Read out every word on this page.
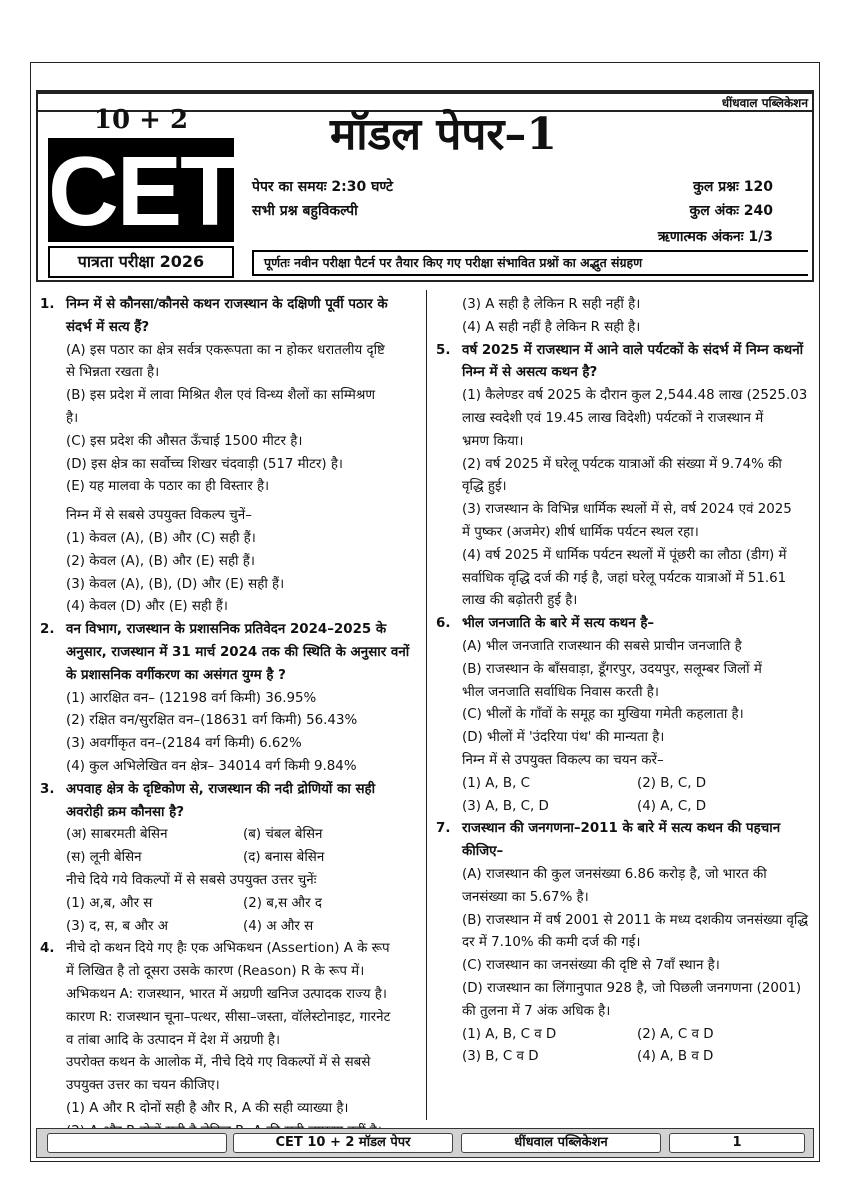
धींधवाल पब्लिकेशन
10 + 2
CET
पात्रता परीक्षा 2026
मॉडल पेपर–1
पेपर का समयः 2:30 घण्टे
सभी प्रश्न बहुविकल्पी
कुल प्रश्नः 120
कुल अंकः 240
ऋणात्मक अंकनः 1/3
पूर्णतः नवीन परीक्षा पैटर्न पर तैयार किए गए परीक्षा संभावित प्रश्नों का अद्भुत संग्रहण
1. निम्न में से कौनसा/कौनसे कथन राजस्थान के दक्षिणी पूर्वी पठार के
संदर्भ में सत्य हैं?
(A) इस पठार का क्षेत्र सर्वत्र एकरूपता का न होकर धरातलीय दृष्टि
से भिन्नता रखता है।
(B) इस प्रदेश में लावा मिश्रित शैल एवं विन्ध्य शैलों का सम्मिश्रण
है।
(C) इस प्रदेश की औसत ऊँचाई 1500 मीटर है।
(D) इस क्षेत्र का सर्वोच्च शिखर चंदवाड़ी (517 मीटर) है।
(E) यह मालवा के पठार का ही विस्तार है।
निम्न में से सबसे उपयुक्त विकल्प चुनें–
(1) केवल (A), (B) और (C) सही हैं।
(2) केवल (A), (B) और (E) सही हैं।
(3) केवल (A), (B), (D) और (E) सही हैं।
(4) केवल (D) और (E) सही हैं।
2. वन विभाग, राजस्थान के प्रशासनिक प्रतिवेदन 2024–2025 के
अनुसार, राजस्थान में 31 मार्च 2024 तक की स्थिति के अनुसार वनों
के प्रशासनिक वर्गीकरण का असंगत युग्म है ?
(1) आरक्षित वन– (12198 वर्ग किमी) 36.95%
(2) रक्षित वन/सुरक्षित वन–(18631 वर्ग किमी) 56.43%
(3) अवर्गीकृत वन–(2184 वर्ग किमी) 6.62%
(4) कुल अभिलेखित वन क्षेत्र– 34014 वर्ग किमी 9.84%
3. अपवाह क्षेत्र के दृष्टिकोण से, राजस्थान की नदी द्रोणियों का सही
अवरोही क्रम कौनसा है?
(अ) साबरमती बेसिन	(ब) चंबल बेसिन
(स) लूनी बेसिन	(द) बनास बेसिन
नीचे दिये गये विकल्पों में से सबसे उपयुक्त उत्तर चुनेंः
(1) अ,ब, और स	(2) ब,स और द
(3) द, स, ब और अ	(4) अ और स
4. नीचे दो कथन दिये गए हैः एक अभिकथन (Assertion) A के रूप
में लिखित है तो दूसरा उसके कारण (Reason) R के रूप में।
अभिकथन A: राजस्थान, भारत में अग्रणी खनिज उत्पादक राज्य है।
कारण R: राजस्थान चूना–पत्थर, सीसा–जस्ता, वॉलेस्टोनाइट, गारनेट
व तांबा आदि के उत्पादन में देश में अग्रणी है।
उपरोक्त कथन के आलोक में, नीचे दिये गए विकल्पों में से सबसे
उपयुक्त उत्तर का चयन कीजिए।
(1) A और R दोनों सही है और R, A की सही व्याख्या है।
(3) A सही है लेकिन R सही नहीं है।
(4) A सही नहीं है लेकिन R सही है।
5. वर्ष 2025 में राजस्थान में आने वाले पर्यटकों के संदर्भ में निम्न कथनों
निम्न में से असत्य कथन है?
(1) कैलेण्डर वर्ष 2025 के दौरान कुल 2,544.48 लाख (2525.03
लाख स्वदेशी एवं 19.45 लाख विदेशी) पर्यटकों ने राजस्थान में
भ्रमण किया।
(2) वर्ष 2025 में घरेलू पर्यटक यात्राओं की संख्या में 9.74% की
वृद्धि हुई।
(3) राजस्थान के विभिन्न धार्मिक स्थलों में से, वर्ष 2024 एवं 2025
में पुष्कर (अजमेर) शीर्ष धार्मिक पर्यटन स्थल रहा।
(4) वर्ष 2025 में धार्मिक पर्यटन स्थलों में पूंछरी का लौठा (डीग) में
सर्वाधिक वृद्धि दर्ज की गई है, जहां घरेलू पर्यटक यात्राओं में 51.61
लाख की बढ़ोतरी हुई है।
6. भील जनजाति के बारे में सत्य कथन है–
(A) भील जनजाति राजस्थान की सबसे प्राचीन जनजाति है
(B) राजस्थान के बाँसवाड़ा, डूँगरपुर, उदयपुर, सलूम्बर जिलों में
भील जनजाति सर्वाधिक निवास करती है।
(C) भीलों के गाँवों के समूह का मुखिया गमेती कहलाता है।
(D) भीलों में 'उंदरिया पंथ' की मान्यता है।
निम्न में से उपयुक्त विकल्प का चयन करें–
(1) A, B, C	(2) B, C, D
(3) A, B, C, D	(4) A, C, D
7. राजस्थान की जनगणना–2011 के बारे में सत्य कथन की पहचान
कीजिए–
(A) राजस्थान की कुल जनसंख्या 6.86 करोड़ है, जो भारत की
जनसंख्या का 5.67% है।
(B) राजस्थान में वर्ष 2001 से 2011 के मध्य दशकीय जनसंख्या वृद्धि
दर में 7.10% की कमी दर्ज की गई।
(C) राजस्थान का जनसंख्या की दृष्टि से 7वाँ स्थान है।
(D) राजस्थान का लिंगानुपात 928 है, जो पिछली जनगणना (2001)
की तुलना में 7 अंक अधिक है।
(1) A, B, C व D	(2) A, C व D
(3) B, C व D	(4) A, B व D
CET 10 + 2 मॉडल पेपर	धींधवाल पब्लिकेशन	1
